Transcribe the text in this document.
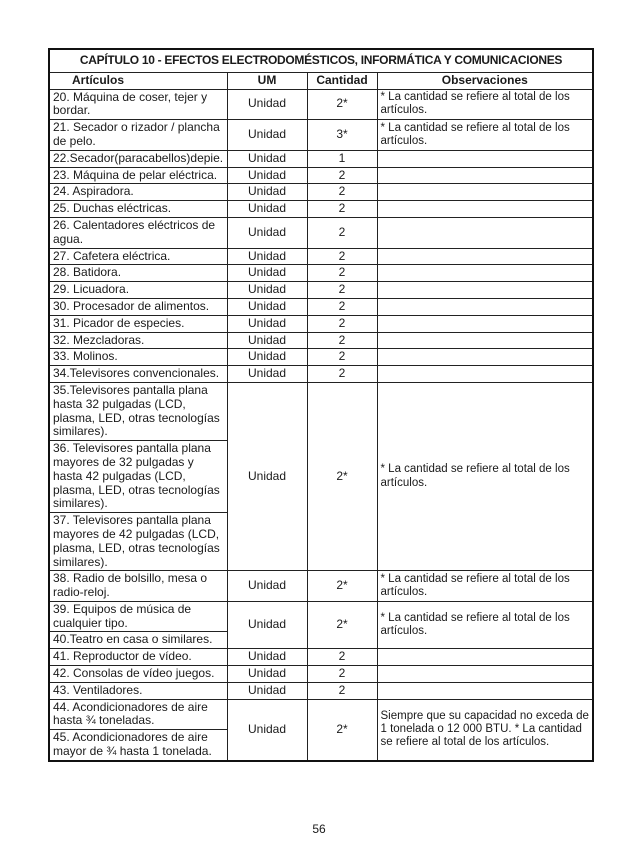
CAPÍTULO 10 - EFECTOS ELECTRODOMÉSTICOS, INFORMÁTICA Y COMUNICACIONES			
Artículos	UM	Cantidad	Observaciones
20. Máquina de coser, tejer y bordar.	Unidad	2*	* La cantidad se refiere al total de los artículos.
21. Secador o rizador / plancha de pelo.	Unidad	3*	* La cantidad se refiere al total de los artículos.
22.Secador(paracabellos)depie.	Unidad	1	
23. Máquina de pelar eléctrica.	Unidad	2	
24. Aspiradora.	Unidad	2	
25. Duchas eléctricas.	Unidad	2	
26. Calentadores eléctricos de agua.	Unidad	2	
27. Cafetera eléctrica.	Unidad	2	
28. Batidora.	Unidad	2	
29. Licuadora.	Unidad	2	
30. Procesador de alimentos.	Unidad	2	
31. Picador de especies.	Unidad	2	
32. Mezcladoras.	Unidad	2	
33. Molinos.	Unidad	2	
34.Televisores convencionales.	Unidad	2	
35.Televisores pantalla plana hasta 32 pulgadas (LCD, plasma, LED, otras tecnologías similares).	Unidad	2*	* La cantidad se refiere al total de los artículos.
36. Televisores pantalla plana mayores de 32 pulgadas y hasta 42 pulgadas (LCD, plasma, LED, otras tecnologías similares).			
37. Televisores pantalla plana mayores de 42 pulgadas (LCD, plasma, LED, otras tecnologías similares).			
38. Radio de bolsillo, mesa o radio-reloj.	Unidad	2*	* La cantidad se refiere al total de los artículos.
39. Equipos de música de cualquier tipo.	Unidad	2*	* La cantidad se refiere al total de los artículos.
40.Teatro en casa o similares.			
41. Reproductor de vídeo.	Unidad	2	
42. Consolas de vídeo juegos.	Unidad	2	
43. Ventiladores.	Unidad	2	
44. Acondicionadores de aire hasta ¾ toneladas.	Unidad	2*	Siempre que su capacidad no exceda de 1 tonelada o 12 000 BTU. * La cantidad se refiere al total de los artículos.
45. Acondicionadores de aire mayor de ¾ hasta 1 tonelada.			
56
